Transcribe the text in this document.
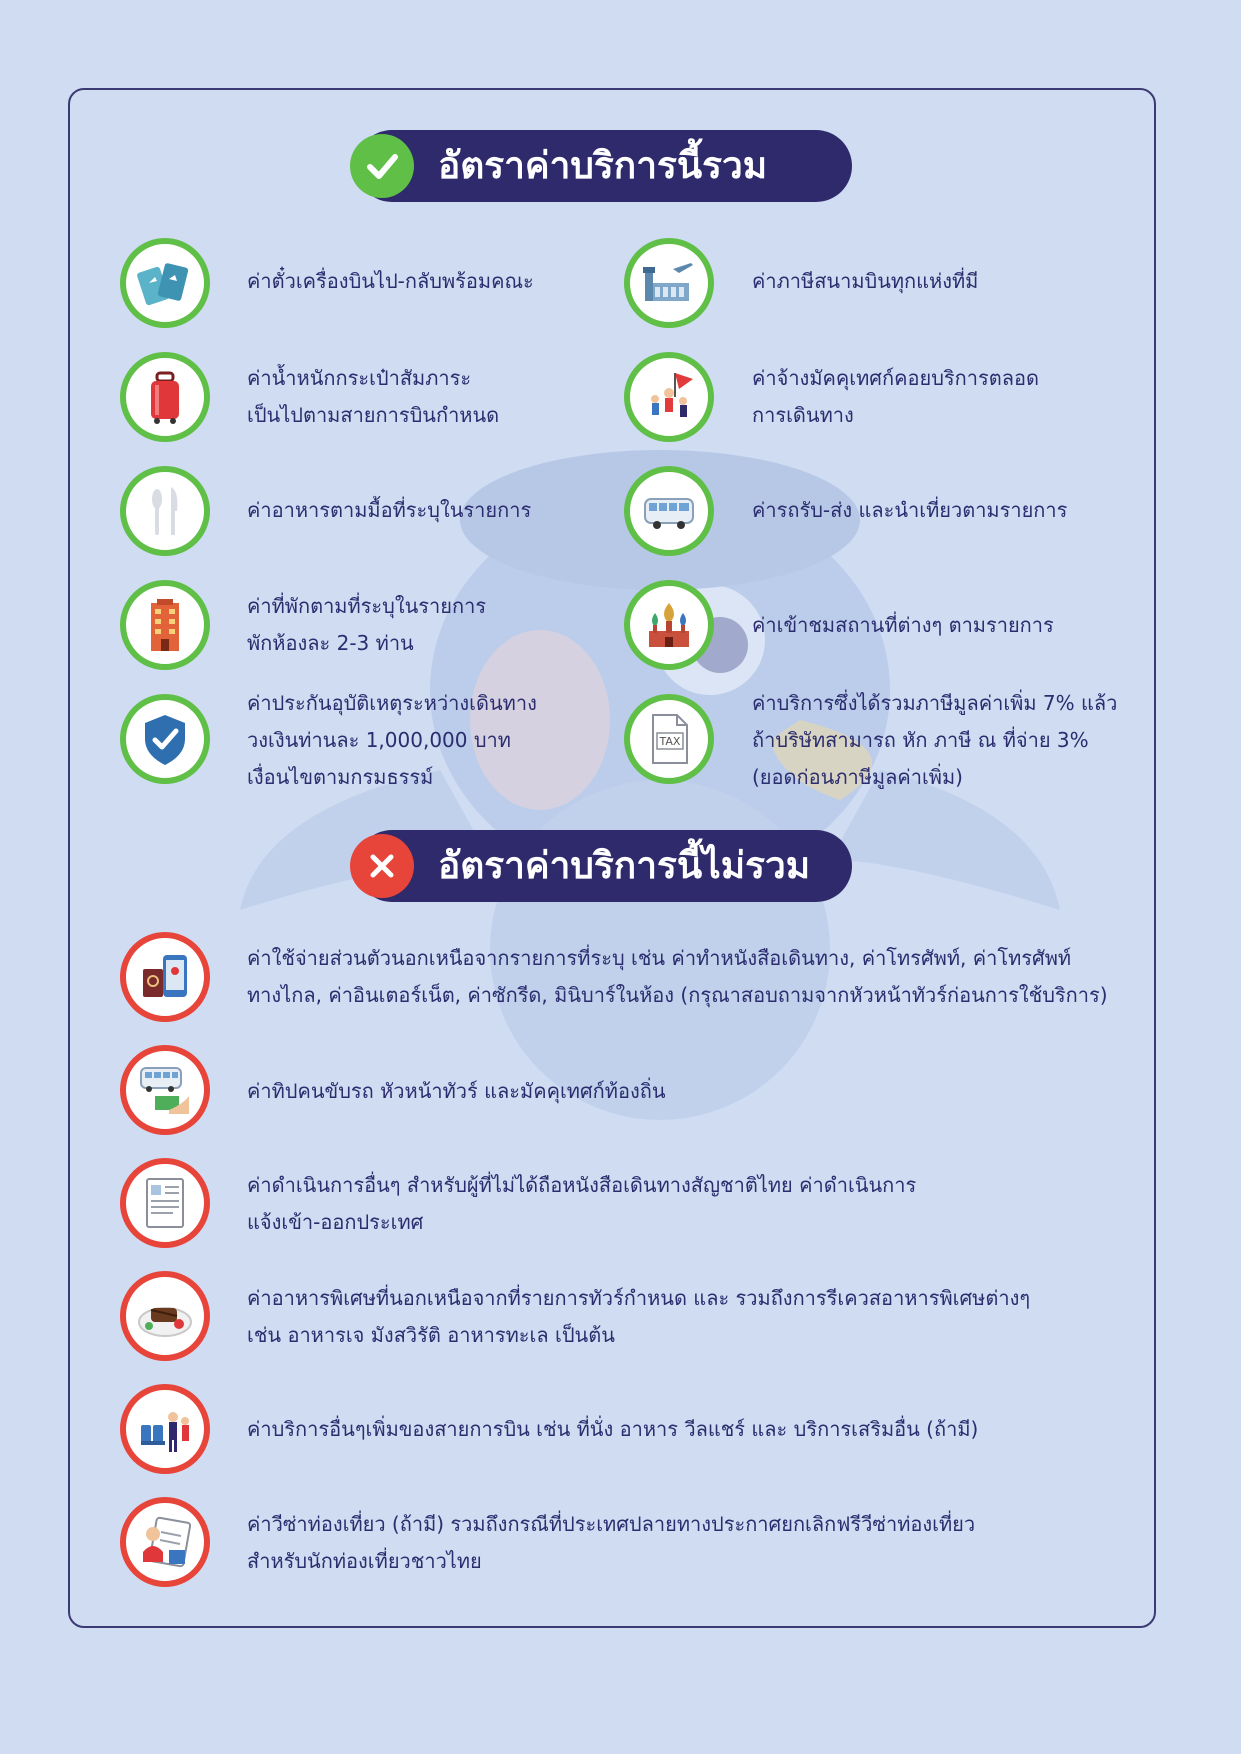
อัตราค่าบริการนี้รวม
ค่าตั๋วเครื่องบินไป-กลับพร้อมคณะ
ค่าน้ำหนักกระเป๋าสัมภาระ
เป็นไปตามสายการบินกำหนด
ค่าอาหารตามมื้อที่ระบุในรายการ
ค่าที่พักตามที่ระบุในรายการ
พักห้องละ 2-3 ท่าน
ค่าประกันอุบัติเหตุระหว่างเดินทาง
วงเงินท่านละ 1,000,000 บาท
เงื่อนไขตามกรมธรรม์
ค่าภาษีสนามบินทุกแห่งที่มี
ค่าจ้างมัคคุเทศก์คอยบริการตลอด
การเดินทาง
ค่ารถรับ-ส่ง และนำเที่ยวตามรายการ
ค่าเข้าชมสถานที่ต่างๆ ตามรายการ
TAX
ค่าบริการซึ่งได้รวมภาษีมูลค่าเพิ่ม 7% แล้ว
ถ้าบริษัทสามารถ หัก ภาษี ณ ที่จ่าย 3%
(ยอดก่อนภาษีมูลค่าเพิ่ม)
อัตราค่าบริการนี้ไม่รวม
ค่าใช้จ่ายส่วนตัวนอกเหนือจากรายการที่ระบุ เช่น ค่าทำหนังสือเดินทาง, ค่าโทรศัพท์, ค่าโทรศัพท์
ทางไกล, ค่าอินเตอร์เน็ต, ค่าซักรีด, มินิบาร์ในห้อง (กรุณาสอบถามจากหัวหน้าทัวร์ก่อนการใช้บริการ)
ค่าทิปคนขับรถ หัวหน้าทัวร์ และมัคคุเทศก์ท้องถิ่น
ค่าดำเนินการอื่นๆ สำหรับผู้ที่ไม่ได้ถือหนังสือเดินทางสัญชาติไทย ค่าดำเนินการ
แจ้งเข้า-ออกประเทศ
ค่าอาหารพิเศษที่นอกเหนือจากที่รายการทัวร์กำหนด และ รวมถึงการรีเควสอาหารพิเศษต่างๆ
เช่น อาหารเจ มังสวิรัติ อาหารทะเล เป็นต้น
ค่าบริการอื่นๆเพิ่มของสายการบิน เช่น ที่นั่ง อาหาร วีลแชร์ และ บริการเสริมอื่น (ถ้ามี)
ค่าวีซ่าท่องเที่ยว (ถ้ามี) รวมถึงกรณีที่ประเทศปลายทางประกาศยกเลิกฟรีวีซ่าท่องเที่ยว
สำหรับนักท่องเที่ยวชาวไทย
